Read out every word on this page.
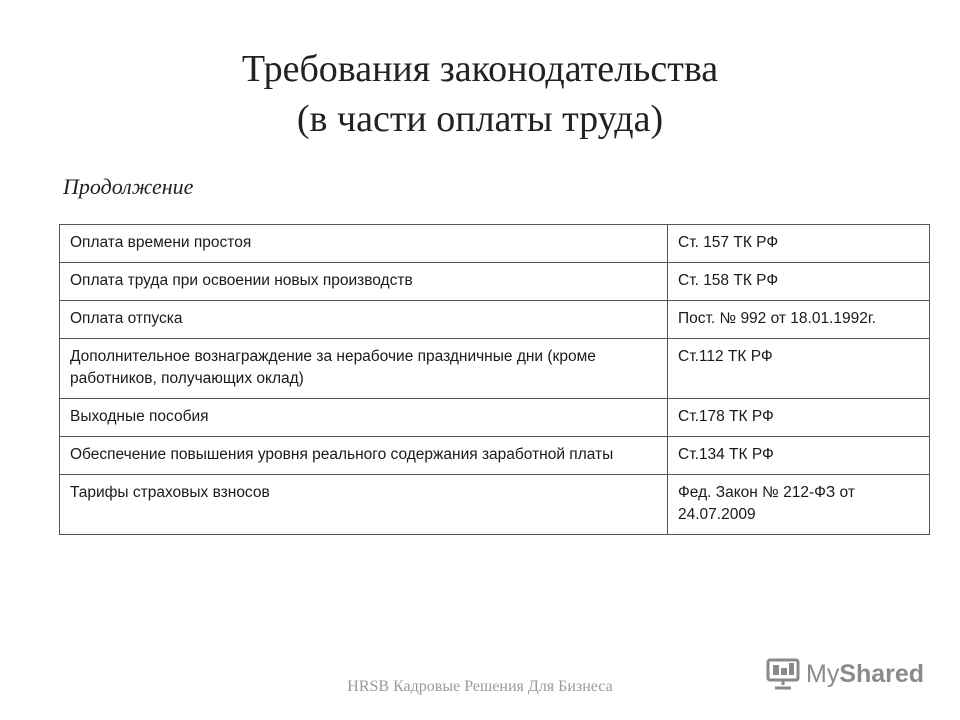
Требования законодательства
(в части оплаты труда)
Продолжение
Оплата времени простоя	Ст. 157 ТК РФ
Оплата труда при освоении новых производств	Ст. 158 ТК РФ
Оплата отпуска	Пост. № 992 от 18.01.1992г.
Дополнительное вознаграждение за нерабочие праздничные дни (кроме работников, получающих оклад)	Ст.112 ТК РФ
Выходные пособия	Ст.178 ТК РФ
Обеспечение повышения уровня реального содержания заработной платы	Ст.134 ТК РФ
Тарифы страховых взносов	Фед. Закон № 212-ФЗ от 24.07.2009
HRSB Кадровые Решения Для Бизнеса	MyShared
